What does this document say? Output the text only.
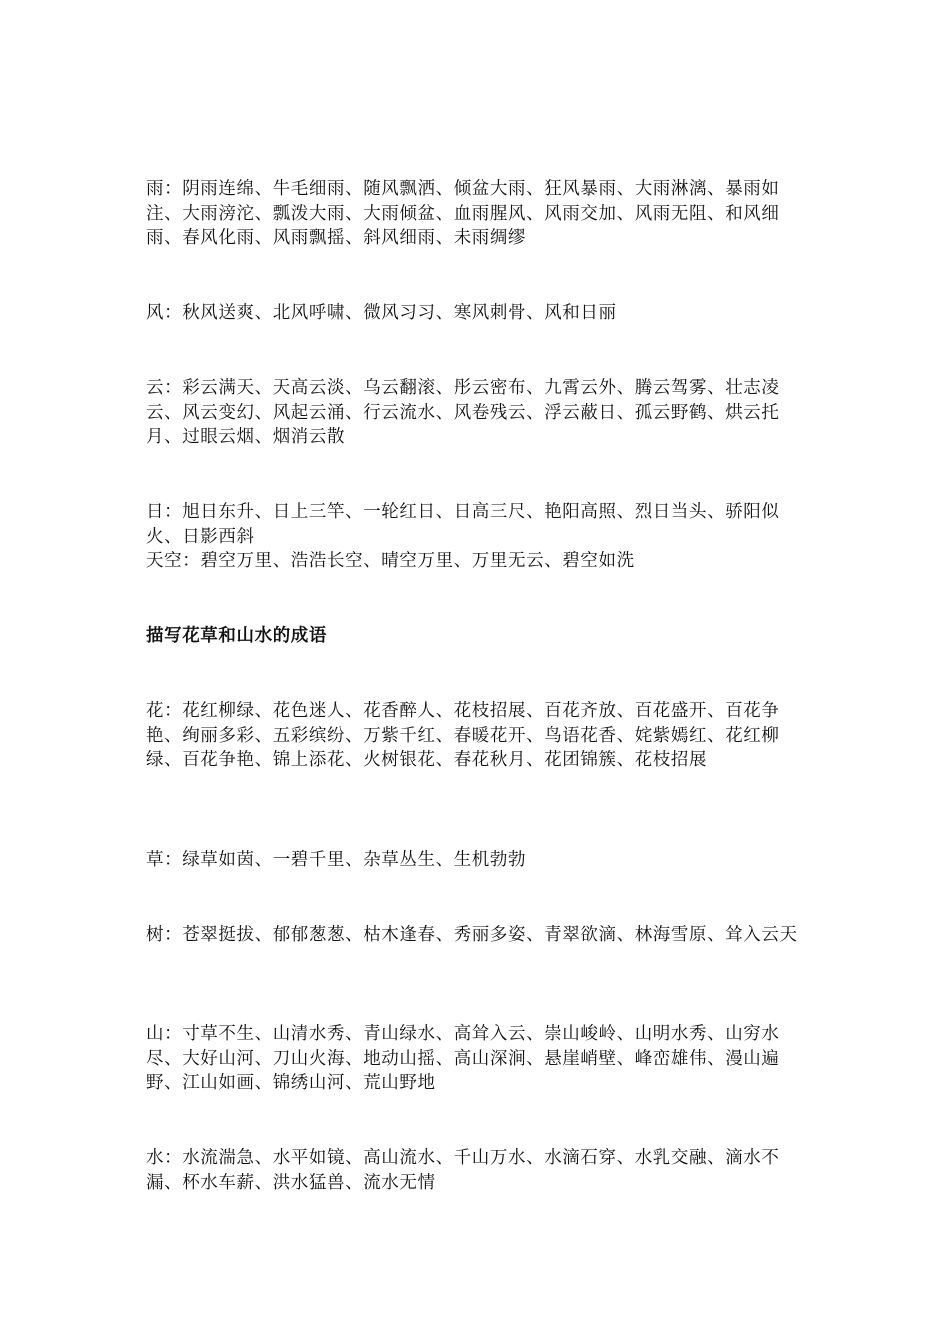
雨：阴雨连绵、牛毛细雨、随风飘洒、倾盆大雨、狂风暴雨、大雨淋漓、暴雨如注、大雨滂沱、瓢泼大雨、大雨倾盆、血雨腥风、风雨交加、风雨无阻、和风细雨、春风化雨、风雨飘摇、斜风细雨、未雨绸缪

风：秋风送爽、北风呼啸、微风习习、寒风刺骨、风和日丽

云：彩云满天、天高云淡、乌云翻滚、彤云密布、九霄云外、腾云驾雾、壮志凌云、风云变幻、风起云涌、行云流水、风卷残云、浮云蔽日、孤云野鹤、烘云托月、过眼云烟、烟消云散

日：旭日东升、日上三竿、一轮红日、日高三尺、艳阳高照、烈日当头、骄阳似火、日影西斜

天空：碧空万里、浩浩长空、晴空万里、万里无云、碧空如洗

描写花草和山水的成语

花：花红柳绿、花色迷人、花香醉人、花枝招展、百花齐放、百花盛开、百花争艳、绚丽多彩、五彩缤纷、万紫千红、春暖花开、鸟语花香、姹紫嫣红、花红柳绿、百花争艳、锦上添花、火树银花、春花秋月、花团锦簇、花枝招展

草：绿草如茵、一碧千里、杂草丛生、生机勃勃

树：苍翠挺拔、郁郁葱葱、枯木逢春、秀丽多姿、青翠欲滴、林海雪原、耸入云天

山：寸草不生、山清水秀、青山绿水、高耸入云、崇山峻岭、山明水秀、山穷水尽、大好山河、刀山火海、地动山摇、高山深涧、悬崖峭壁、峰峦雄伟、漫山遍野、江山如画、锦绣山河、荒山野地

水：水流湍急、水平如镜、高山流水、千山万水、水滴石穿、水乳交融、滴水不漏、杯水车薪、洪水猛兽、流水无情
